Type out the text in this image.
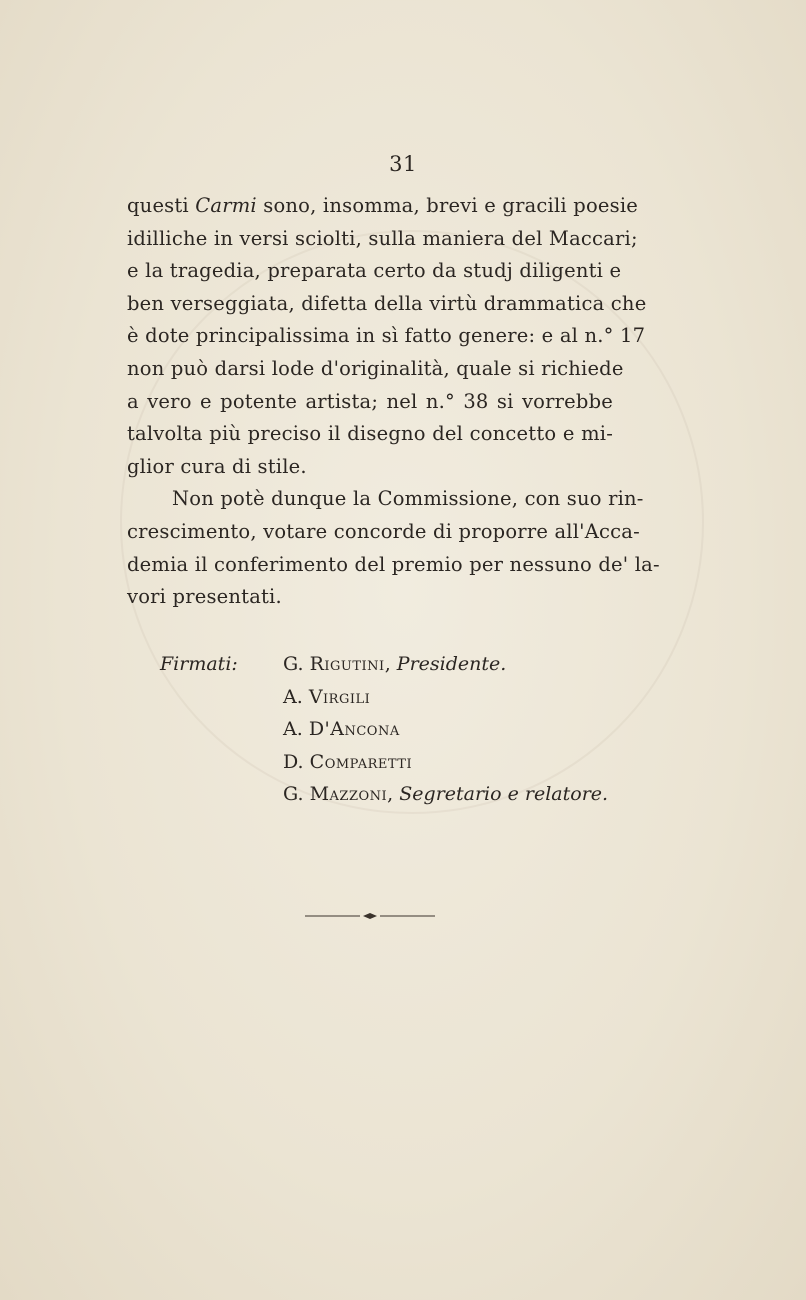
31
questi Carmi sono, insomma, brevi e gracili poesie
idilliche in versi sciolti, sulla maniera del Maccari;
e la tragedia, preparata certo da studj diligenti e
ben verseggiata, difetta della virtù drammatica che
è dote principalissima in sì fatto genere: e al n.° 17
non può darsi lode d'originalità, quale si richiede
a vero e potente artista; nel n.° 38 si vorrebbe
talvolta più preciso il disegno del concetto e mi-
glior cura di stile.
Non potè dunque la Commissione, con suo rin-
crescimento, votare concorde di proporre all'Acca-
demia il conferimento del premio per nessuno de' la-
vori presentati.
Firmati:	G.
Rigutini , Presidente.
A.
Virgili
A.
D'Ancona
D.
Comparetti
G.
Mazzoni , Segretario e relatore.
